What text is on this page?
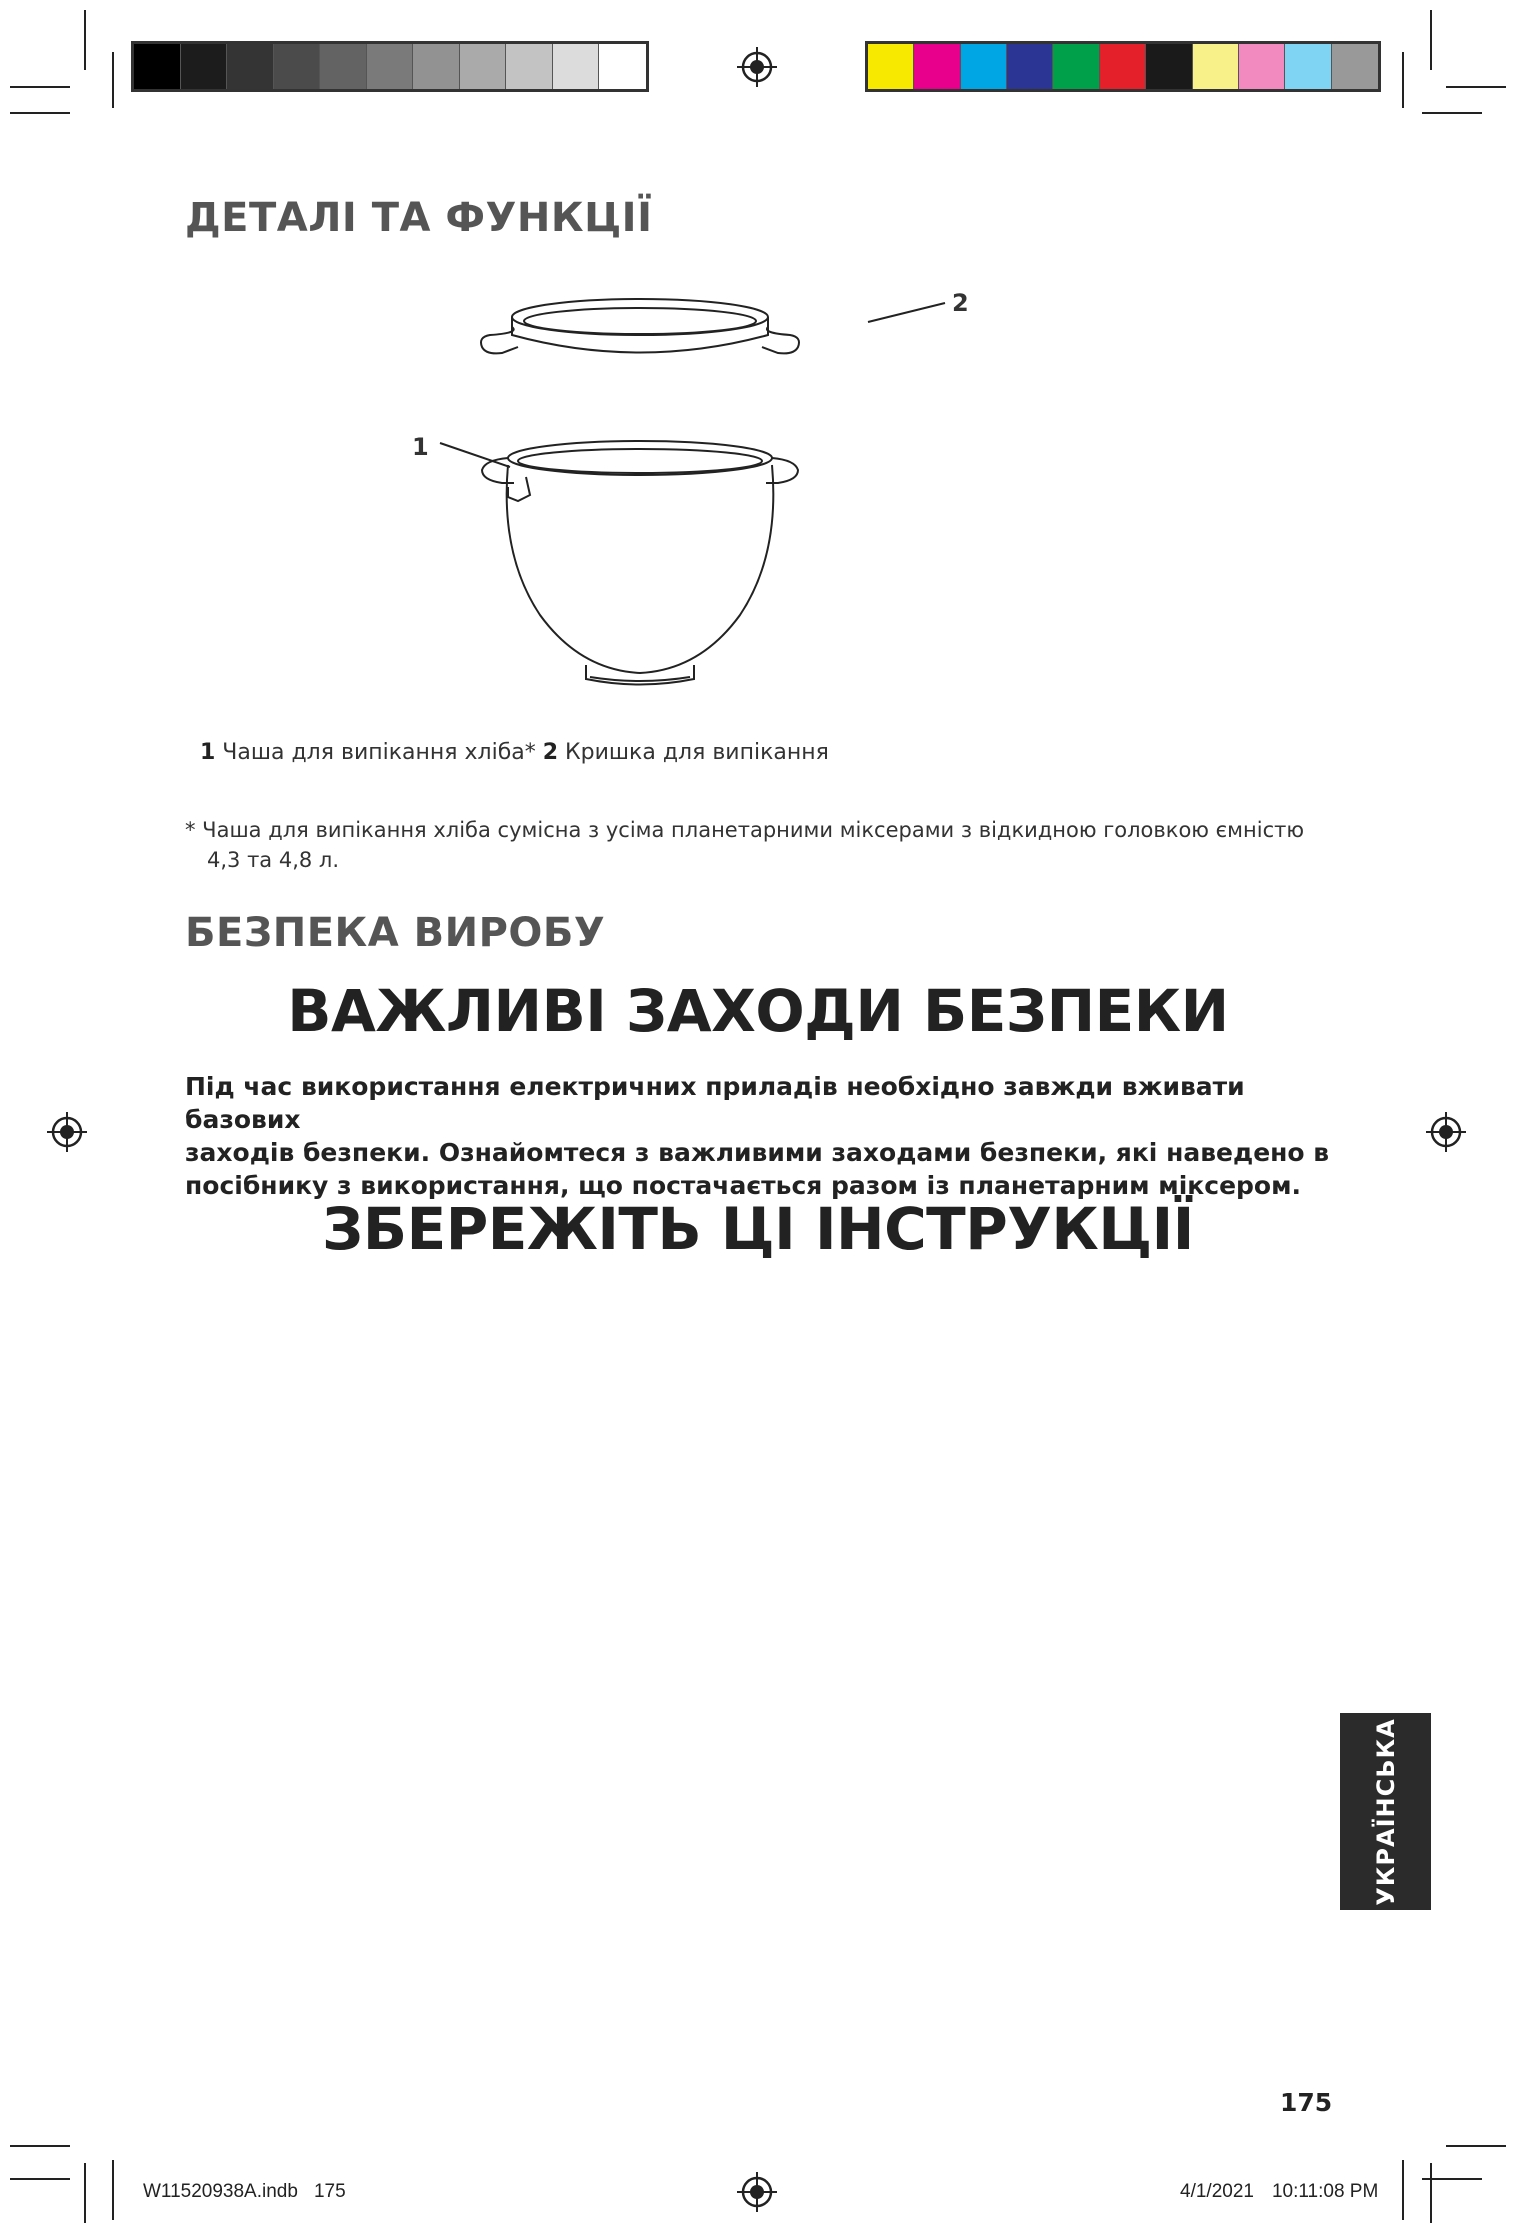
ДЕТАЛІ ТА ФУНКЦІЇ
2
1
1 Чаша для випікання хліба* 2 Кришка для випікання
* Чаша для випікання хліба сумісна з усіма планетарними міксерами з відкидною головкою ємністю
4,3 та 4,8 л.
БЕЗПЕКА ВИРОБУ
ВАЖЛИВІ ЗАХОДИ БЕЗПЕКИ
Під час використання електричних приладів необхідно завжди вживати базових
заходів безпеки. Ознайомтеся з важливими заходами безпеки, які наведено в
посібнику з використання, що постачається разом із планетарним міксером.
ЗБЕРЕЖІТЬ ЦІ ІНСТРУКЦІЇ
УКРАЇНСЬКА
175
W11520938A.indb 175	4/1/2021 10:11:08 PM
